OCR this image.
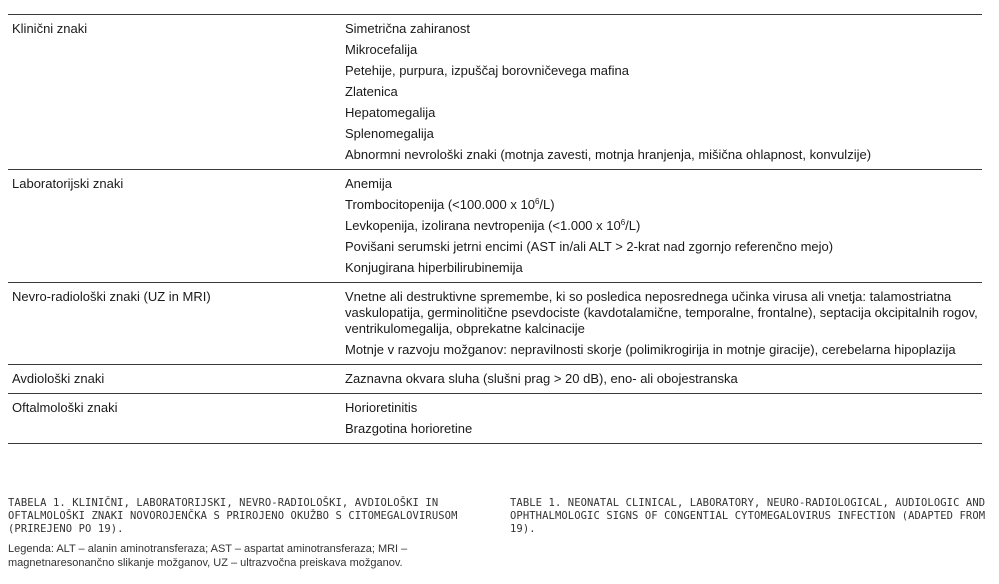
Klinični znaki	Simetrična zahiranost
Mikrocefalija
Petehije, purpura, izpuščaj borovničevega mafina
Zlatenica
Hepatomegalija
Splenomegalija
Abnormni nevrološki znaki (motnja zavesti, motnja hranjenja, mišična ohlapnost, konvulzije)
Laboratorijski znaki	Anemija
Trombocitopenija (<100.000 x $10^6/L$)
Levkopenija, izolirana nevtropenija (<1.000 x $10^6/L$)
Povišani serumski jetrni encimi (AST in/ali ALT > 2-krat nad zgornjo referenčno mejo)
Konjugirana hiperbilirubinemija
Nevro-radiološki znaki (UZ in MRI)	Vnetne ali destruktivne spremembe, ki so posledica neposrednega učinka virusa ali vnetja: talamostriatna vaskulopatija, germinolitične psevdociste (kavdotalamične, temporalne, frontalne), septacija okcipitalnih rogov, ventrikulomegalija, obprekatne kalcinacije
Motnje v razvoju možganov: nepravilnosti skorje (polimikrogirija in motnje giracije), cerebelarna hipoplazija
Avdiološki znaki	Zaznavna okvara sluha (slušni prag > 20 dB), eno- ali obojestranska
Oftalmološki znaki	Horioretinitis
Brazgotina horioretine

TABELA 1. KLINIČNI, LABORATORIJSKI, NEVRO-RADIOLOŠKI, AVDIOLOŠKI IN OFTALMOLOŠKI ZNAKI NOVOROJENČKA S PRIROJENO OKUŽBO S CITOMEGALOVIRUSOM (PRIREJENO PO 19).

Legenda: ALT – alanin aminotransferaza; AST – aspartat aminotransferaza; MRI – magnetnaresonančno slikanje možganov, UZ – ultrazvočna preiskava možganov.

TABLE 1. NEONATAL CLINICAL, LABORATORY, NEURO-RADIOLOGICAL, AUDIOLOGIC AND OPHTHALMOLOGIC SIGNS OF CONGENTIAL CYTOMEGALOVIRUS INFECTION (ADAPTED FROM 19).
